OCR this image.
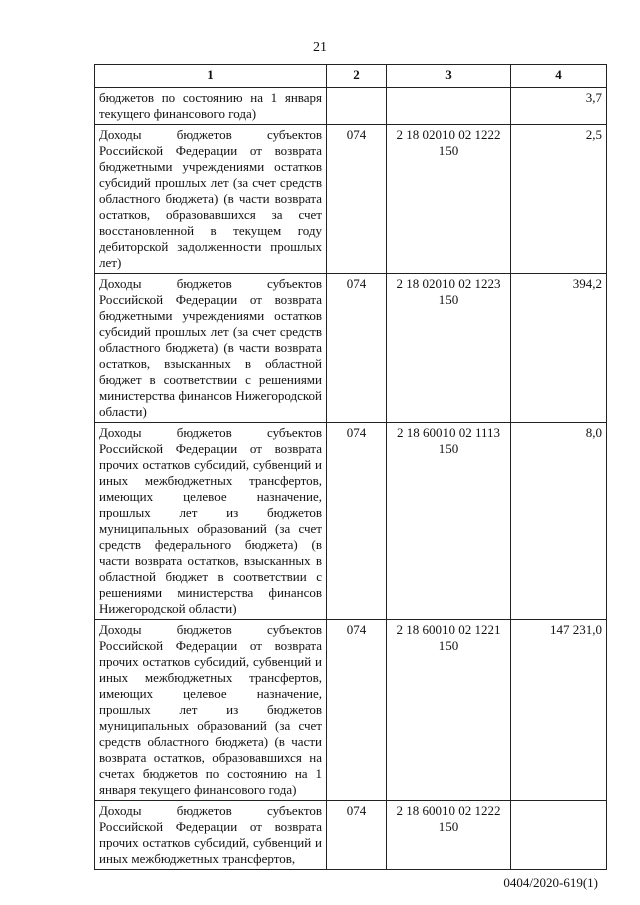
21
1	2	3	4
бюджетов по состоянию на 1 января текущего финансового года)			3,7
Доходы бюджетов субъектов Российской Федерации от возврата бюджетными учреждениями остатков субсидий прошлых лет (за счет средств областного бюджета) (в части возврата остатков, образовавшихся за счет восстановленной в текущем году дебиторской задолженности прошлых лет)	074	2 18 02010 02 1222 150	2,5
Доходы бюджетов субъектов Российской Федерации от возврата бюджетными учреждениями остатков субсидий прошлых лет (за счет средств областного бюджета) (в части возврата остатков, взысканных в областной бюджет в соответствии с решениями министерства финансов Нижегородской области)	074	2 18 02010 02 1223 150	394,2
Доходы бюджетов субъектов Российской Федерации от возврата прочих остатков субсидий, субвенций и иных межбюджетных трансфертов, имеющих целевое назначение, прошлых лет из бюджетов муниципальных образований (за счет средств федерального бюджета) (в части возврата остатков, взысканных в областной бюджет в соответствии с решениями министерства финансов Нижегородской области)	074	2 18 60010 02 1113 150	8,0
Доходы бюджетов субъектов Российской Федерации от возврата прочих остатков субсидий, субвенций и иных межбюджетных трансфертов, имеющих целевое назначение, прошлых лет из бюджетов муниципальных образований (за счет средств областного бюджета) (в части возврата остатков, образовавшихся на счетах бюджетов по состоянию на 1 января текущего финансового года)	074	2 18 60010 02 1221 150	147 231,0
Доходы бюджетов субъектов Российской Федерации от возврата прочих остатков субсидий, субвенций и иных межбюджетных трансфертов,	074	2 18 60010 02 1222 150	
0404/2020-619(1)
